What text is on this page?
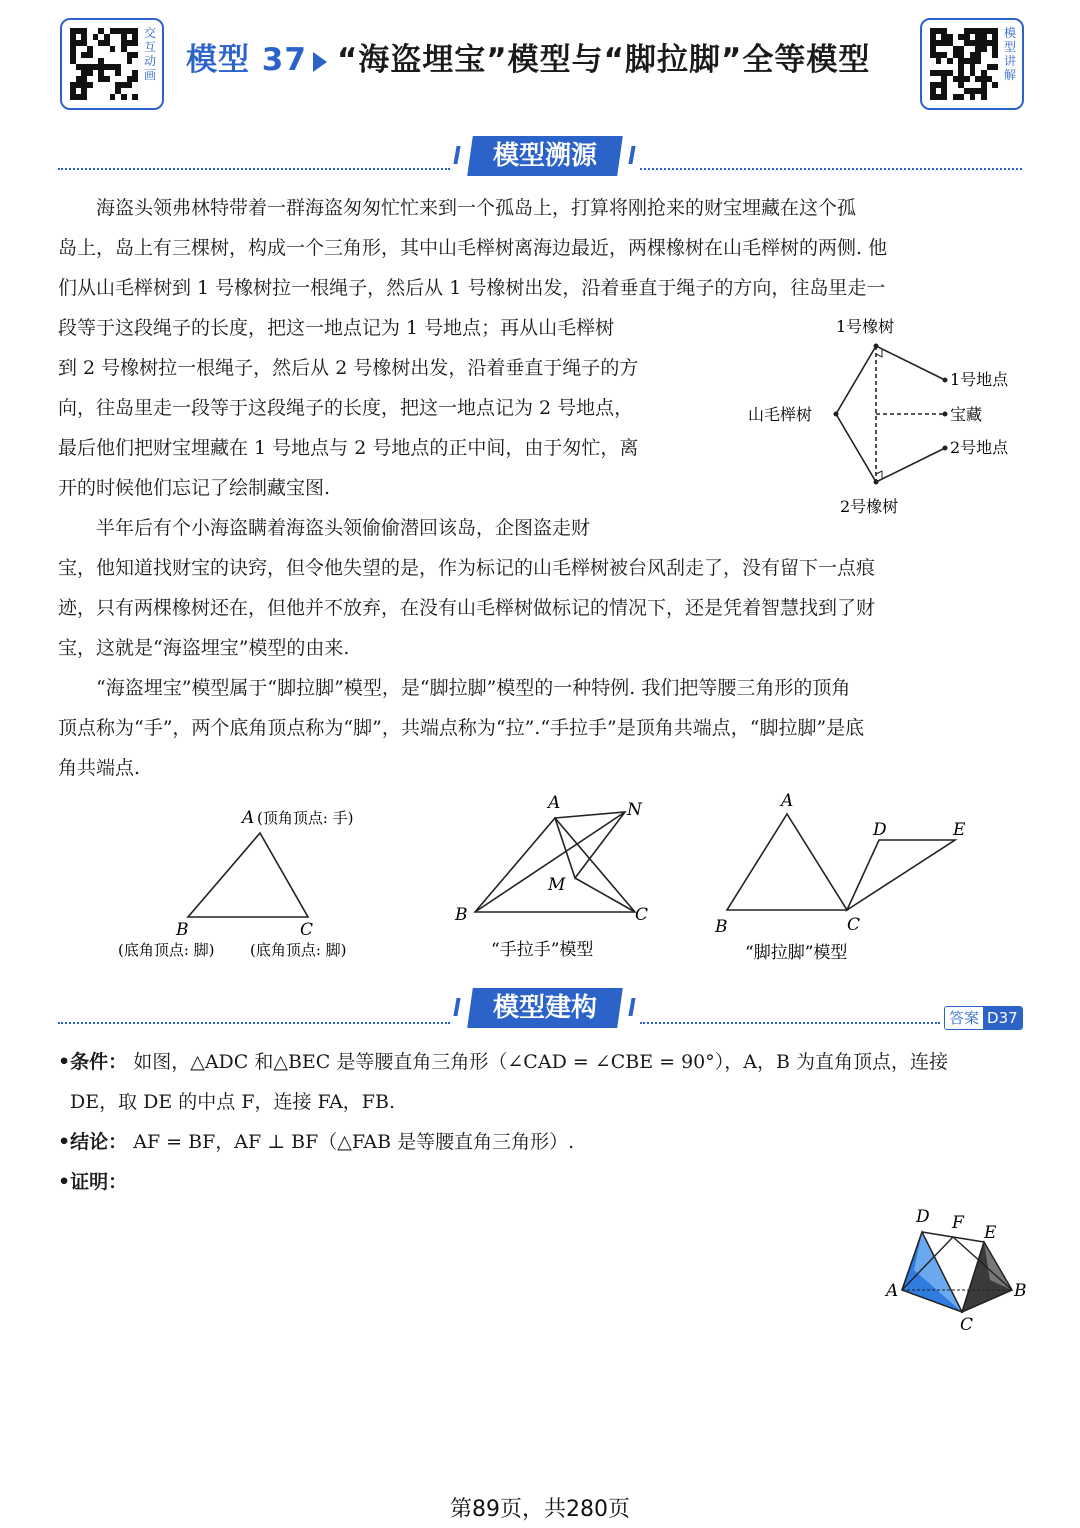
交互动画 模型 37 “海盗埋宝”模型与“脚拉脚”全等模型
模型讲解
模型溯源
海盗头领弗林特带着一群海盗匆匆忙忙来到一个孤岛上，打算将刚抢来的财宝埋藏在这个孤
岛上，岛上有三棵树，构成一个三角形，其中山毛榉树离海边最近，两棵橡树在山毛榉树的两侧. 他
们从山毛榉树到 1 号橡树拉一根绳子，然后从 1 号橡树出发，沿着垂直于绳子的方向，往岛里走一
段等于这段绳子的长度，把这一地点记为 1 号地点；再从山毛榉树
到 2 号橡树拉一根绳子，然后从 2 号橡树出发，沿着垂直于绳子的方
向，往岛里走一段等于这段绳子的长度，把这一地点记为 2 号地点，
最后他们把财宝埋藏在 1 号地点与 2 号地点的正中间，由于匆忙，离
开的时候他们忘记了绘制藏宝图.
半年后有个小海盗瞒着海盗头领偷偷潜回该岛，企图盗走财
宝，他知道找财宝的诀窍，但令他失望的是，作为标记的山毛榉树被台风刮走了，没有留下一点痕
迹，只有两棵橡树还在，但他并不放弃，在没有山毛榉树做标记的情况下，还是凭着智慧找到了财
宝，这就是“海盗埋宝”模型的由来.
“海盗埋宝”模型属于“脚拉脚”模型，是“脚拉脚”模型的一种特例. 我们把等腰三角形的顶角
顶点称为“手”，两个底角顶点称为“脚”，共端点称为“拉”.“手拉手”是顶角共端点，“脚拉脚”是底
角共端点.
1号橡树
2号橡树
山毛榉树
1号地点
宝藏
2号地点
A (顶角顶点: 手)
B	C
(底角顶点: 脚) (底角顶点: 脚)
A	N
M
B	C
“手拉手”模型
A
D	E
B	C
“脚拉脚”模型
模型建构	答案 D37
•条件： 如图，△ADC 和△BEC 是等腰直角三角形（∠CAD = ∠CBE = 90°），A，B 为直角顶点，连接
DE，取 DE 的中点 F，连接 FA，FB.
•结论： AF = BF，AF ⊥ BF（△FAB 是等腰直角三角形）.
•证明：
D F E
A	B
C
第89页，共280页
